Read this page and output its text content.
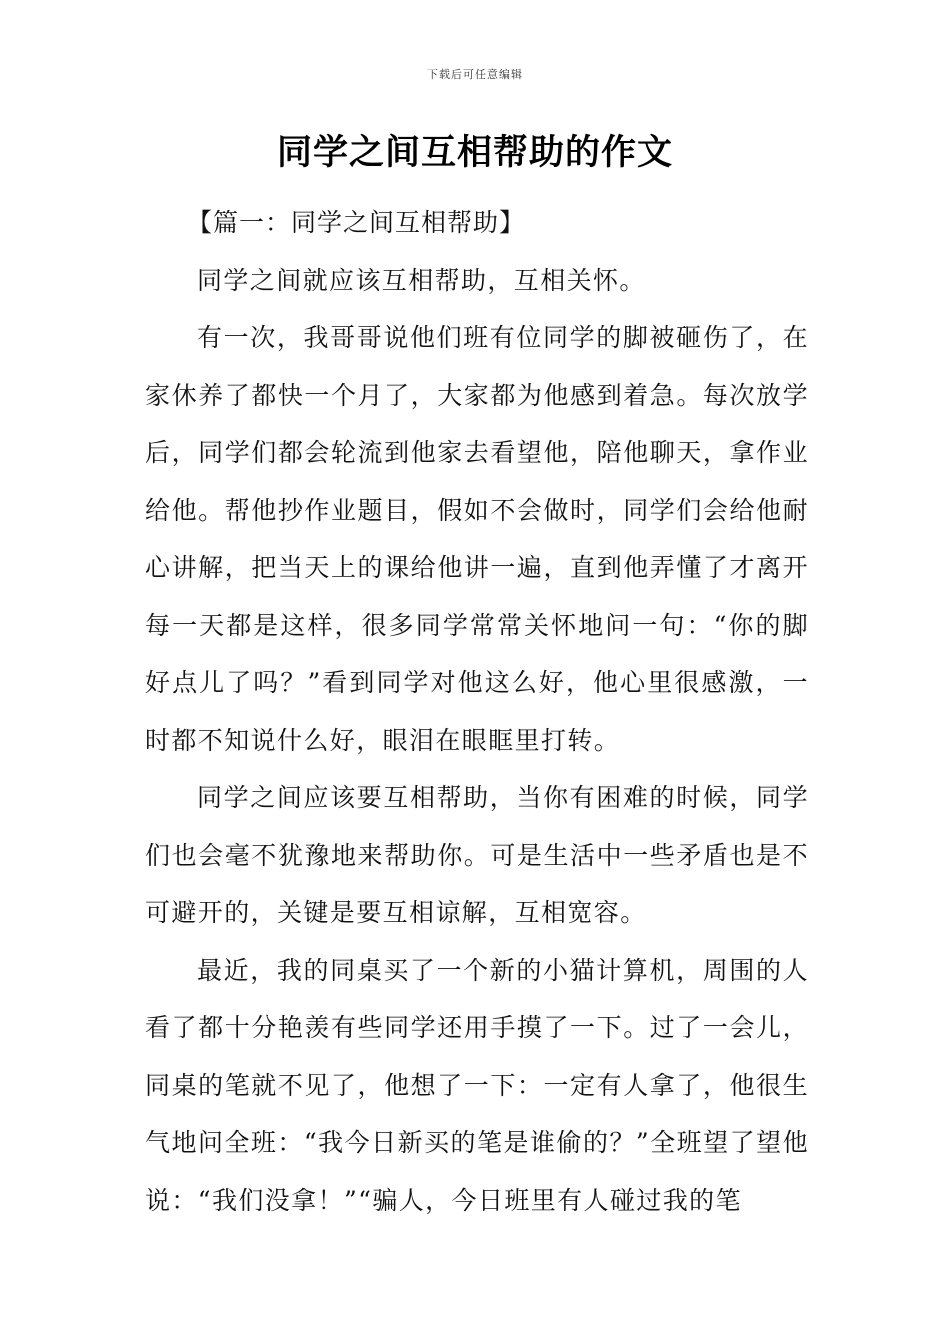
下载后可任意编辑
同学之间互相帮助的作文

【篇一：同学之间互相帮助】

同学之间就应该互相帮助，互相关怀。

有一次，我哥哥说他们班有位同学的脚被砸伤了，在家休养了都快一个月了，大家都为他感到着急。每次放学后，同学们都会轮流到他家去看望他，陪他聊天，拿作业给他。帮他抄作业题目，假如不会做时，同学们会给他耐心讲解，把当天上的课给他讲一遍，直到他弄懂了才离开每一天都是这样，很多同学常常关怀地问一句：“你的脚好点儿了吗？”看到同学对他这么好，他心里很感激，一时都不知说什么好，眼泪在眼眶里打转。

同学之间应该要互相帮助，当你有困难的时候，同学们也会毫不犹豫地来帮助你。可是生活中一些矛盾也是不可避开的，关键是要互相谅解，互相宽容。

最近，我的同桌买了一个新的小猫计算机，周围的人看了都十分艳羡有些同学还用手摸了一下。过了一会儿，同桌的笔就不见了，他想了一下：一定有人拿了，他很生气地问全班：“我今日新买的笔是谁偷的？”全班望了望他说：“我们没拿！”“骗人，今日班里有人碰过我的笔
